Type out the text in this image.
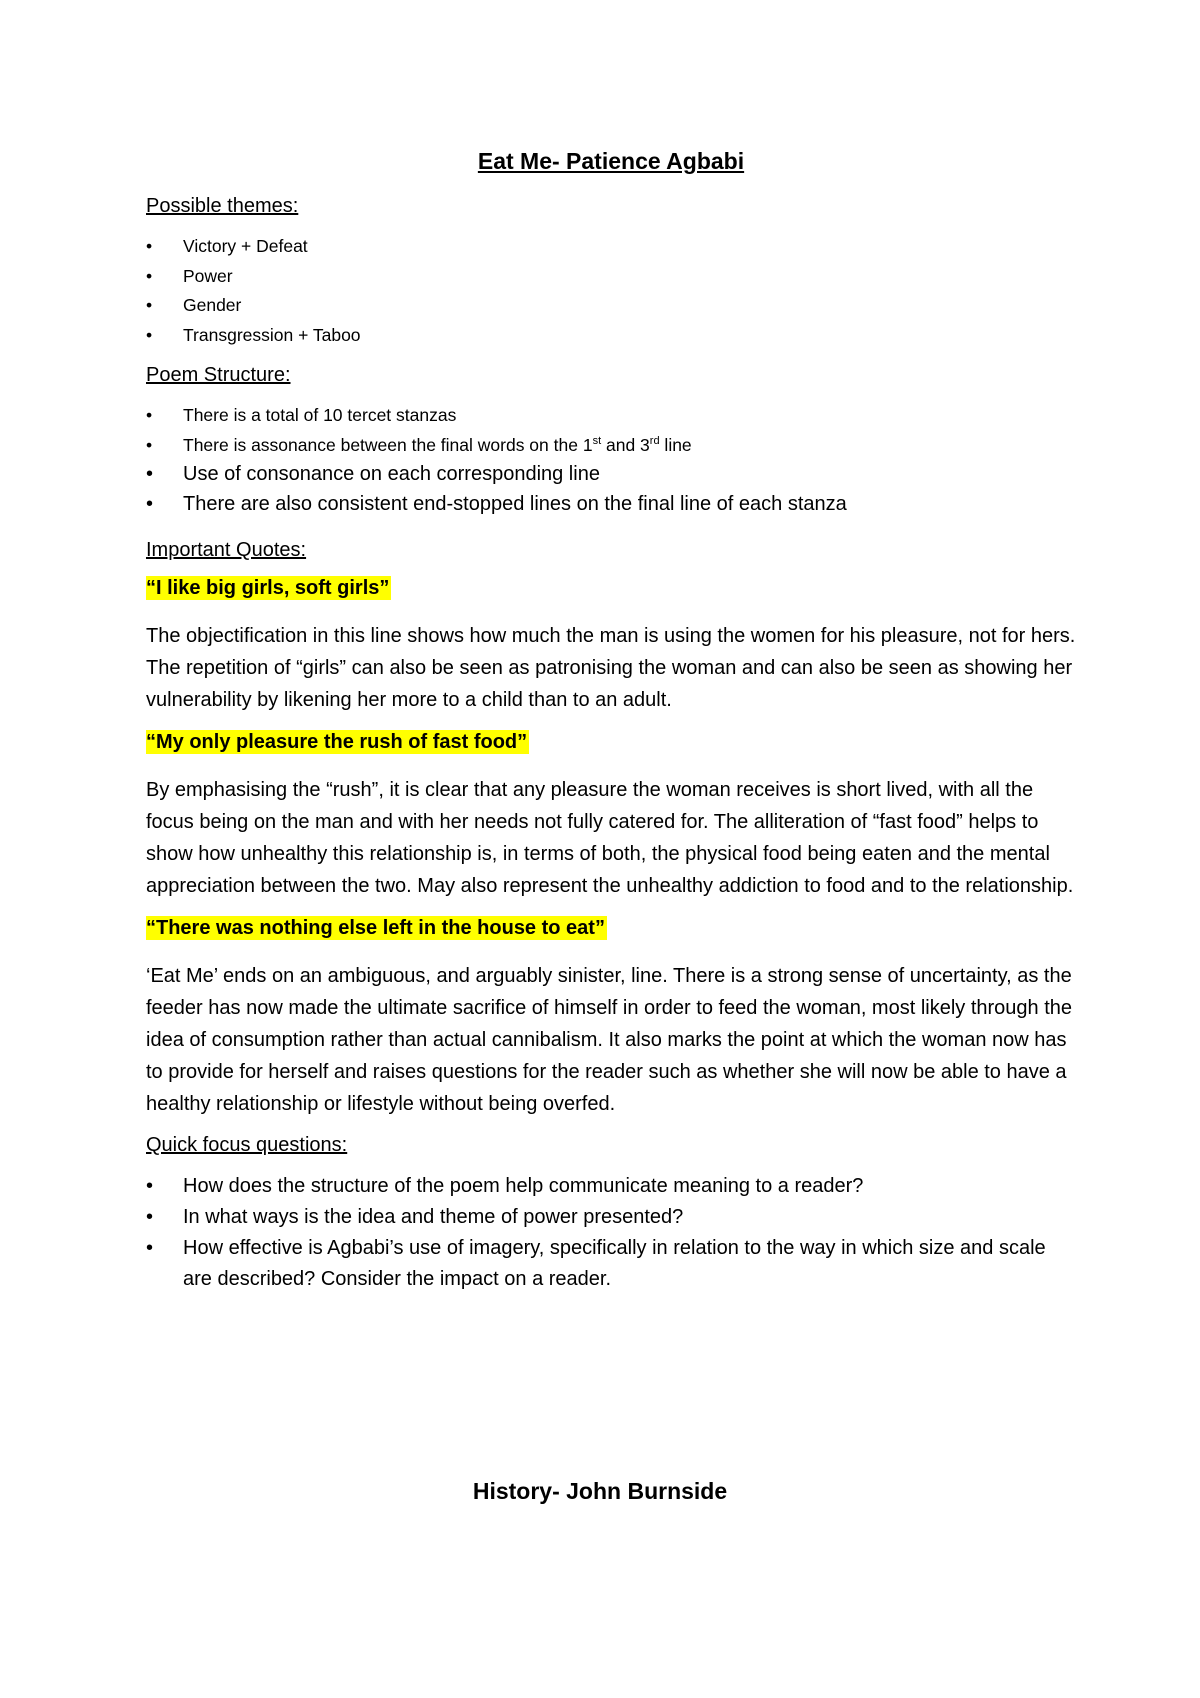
Eat Me- Patience Agbabi
Possible themes:
• Victory + Defeat
• Power
• Gender
• Transgression + Taboo
Poem Structure:
• There is a total of 10 tercet stanzas
• There is assonance between the final words on the 1st and 3rd line
• Use of consonance on each corresponding line
• There are also consistent end-stopped lines on the final line of each stanza
Important Quotes:
“I like big girls, soft girls”
The objectification in this line shows how much the man is using the women for his pleasure, not for hers. The repetition of “girls” can also be seen as patronising the woman and can also be seen as showing her vulnerability by likening her more to a child than to an adult.
“My only pleasure the rush of fast food”
By emphasising the “rush”, it is clear that any pleasure the woman receives is short lived, with all the focus being on the man and with her needs not fully catered for. The alliteration of “fast food” helps to show how unhealthy this relationship is, in terms of both, the physical food being eaten and the mental appreciation between the two. May also represent the unhealthy addiction to food and to the relationship.
“There was nothing else left in the house to eat”
‘Eat Me’ ends on an ambiguous, and arguably sinister, line. There is a strong sense of uncertainty, as the feeder has now made the ultimate sacrifice of himself in order to feed the woman, most likely through the idea of consumption rather than actual cannibalism. It also marks the point at which the woman now has to provide for herself and raises questions for the reader such as whether she will now be able to have a healthy relationship or lifestyle without being overfed.
Quick focus questions:
• How does the structure of the poem help communicate meaning to a reader?
• In what ways is the idea and theme of power presented?
• How effective is Agbabi’s use of imagery, specifically in relation to the way in which size and scale are described? Consider the impact on a reader.
History- John Burnside
